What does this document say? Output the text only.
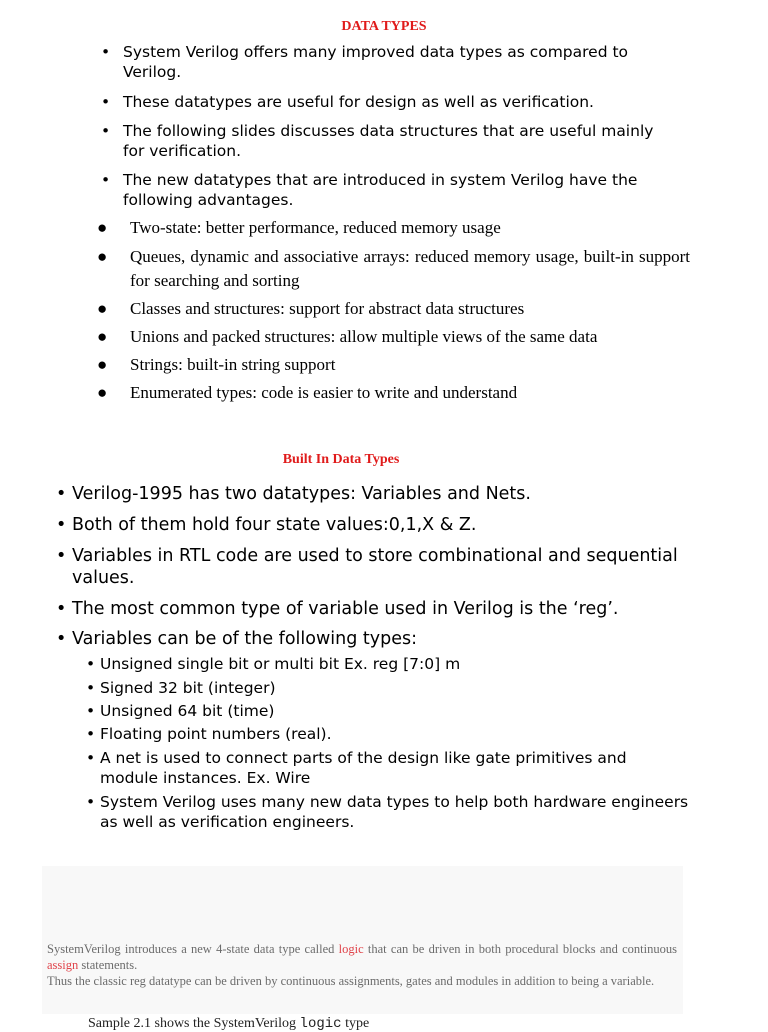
DATA TYPES
• System Verilog offers many improved data types as compared to Verilog.
• These datatypes are useful for design as well as verification.
• The following slides discusses data structures that are useful mainly for verification.
• The new datatypes that are introduced in system Verilog have the following advantages.
● Two-state: better performance, reduced memory usage
● Queues, dynamic and associative arrays: reduced memory usage, built-in support for searching and sorting
● Classes and structures: support for abstract data structures
● Unions and packed structures: allow multiple views of the same data
● Strings: built-in string support
● Enumerated types: code is easier to write and understand
Built In Data Types
• Verilog-1995 has two datatypes: Variables and Nets.
• Both of them hold four state values:0,1,X & Z.
• Variables in RTL code are used to store combinational and sequential values.
• The most common type of variable used in Verilog is the ‘reg’.
• Variables can be of the following types:
• Unsigned single bit or multi bit Ex. reg [7:0] m
• Signed 32 bit (integer)
• Unsigned 64 bit (time)
• Floating point numbers (real).
• A net is used to connect parts of the design like gate primitives and module instances. Ex. Wire
• System Verilog uses many new data types to help both hardware engineers as well as verification engineers.

SystemVerilog introduces a new 4-state data type called logic that can be driven in both procedural blocks and continuous assign statements.

Thus the classic reg datatype can be driven by continuous assignments, gates and modules in addition to being a variable.

Sample 2.1 shows the SystemVerilog logic type
